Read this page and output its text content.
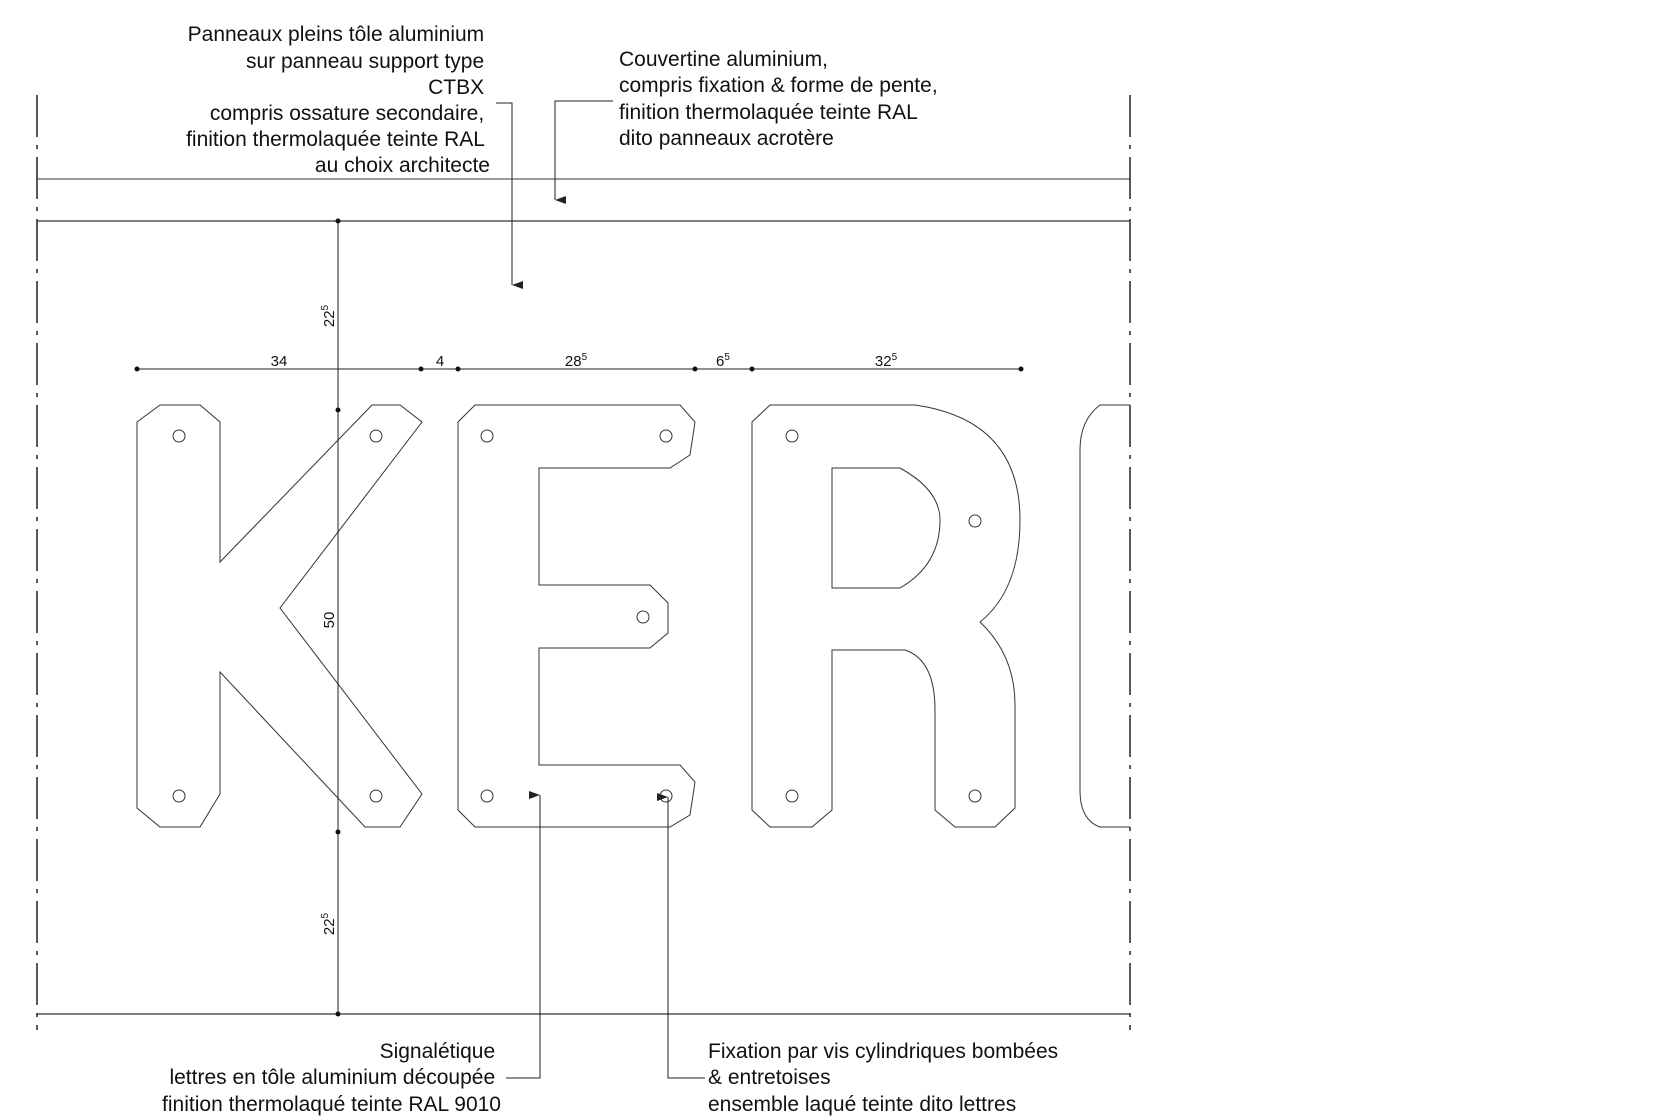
34	4	$28^5$	$6^5$	$32^5$
$22^5$
50
$22^5$
Panneaux pleins tôle aluminium sur panneau support type CTBX compris ossature secondaire, finition thermolaquée teinte RAL au choix architecte
Couvertine aluminium, compris fixation & forme de pente, finition thermolaquée teinte RAL dito panneaux acrotère
Signalétique lettres en tôle aluminium découpée finition thermolaqué teinte RAL 9010
Fixation par vis cylindriques bombées & entretoises ensemble laqué teinte dito lettres
